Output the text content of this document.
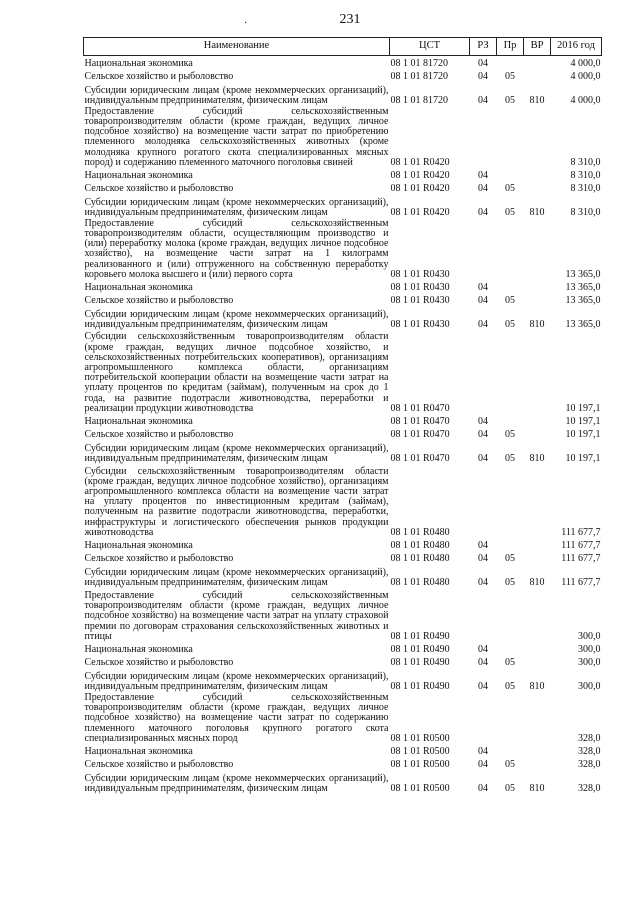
231
·
Наименование	ЦСТ	РЗ	Пр	ВР	2016 год
Национальная экономика	08 1 01 81720	04			4 000,0
Сельское хозяйство и рыболовство	08 1 01 81720	04	05		4 000,0
Субсидии юридическим лицам (кроме некоммерческих организаций), индивидуальным предпринимателям, физическим лицам	08 1 01 81720	04	05	810	4 000,0
Предоставление субсидий сельскохозяйственным товаропроизводителям области (кроме граждан, ведущих личное подсобное хозяйство) на возмещение части затрат по приобретению племенного молодняка сельскохозяйственных животных (кроме молодняка крупного рогатого скота специализированных мясных пород) и содержанию племенного маточного поголовья свиней	08 1 01 R0420				8 310,0
Национальная экономика	08 1 01 R0420	04			8 310,0
Сельское хозяйство и рыболовство	08 1 01 R0420	04	05		8 310,0
Субсидии юридическим лицам (кроме некоммерческих организаций), индивидуальным предпринимателям, физическим лицам	08 1 01 R0420	04	05	810	8 310,0
Предоставление субсидий сельскохозяйственным товаропроизводителям области, осуществляющим производство и (или) переработку молока (кроме граждан, ведущих личное подсобное хозяйство), на возмещение части затрат на 1 килограмм реализованного и (или) отгруженного на собственную переработку коровьего молока высшего и (или) первого сорта	08 1 01 R0430				13 365,0
Национальная экономика	08 1 01 R0430	04			13 365,0
Сельское хозяйство и рыболовство	08 1 01 R0430	04	05		13 365,0
Субсидии юридическим лицам (кроме некоммерческих организаций), индивидуальным предпринимателям, физическим лицам	08 1 01 R0430	04	05	810	13 365,0
Субсидии сельскохозяйственным товаропроизводителям области (кроме граждан, ведущих личное подсобное хозяйство, и сельскохозяйственных потребительских кооперативов), организациям агропромышленного комплекса области, организациям потребительской кооперации области на возмещение части затрат на уплату процентов по кредитам (займам), полученным на срок до 1 года, на развитие подотрасли животноводства, переработки и реализации продукции животноводства	08 1 01 R0470				10 197,1
Национальная экономика	08 1 01 R0470	04			10 197,1
Сельское хозяйство и рыболовство	08 1 01 R0470	04	05		10 197,1
Субсидии юридическим лицам (кроме некоммерческих организаций), индивидуальным предпринимателям, физическим лицам	08 1 01 R0470	04	05	810	10 197,1
Субсидии сельскохозяйственным товаропроизводителям области (кроме граждан, ведущих личное подсобное хозяйство), организациям агропромышленного комплекса области на возмещение части затрат на уплату процентов по инвестиционным кредитам (займам), полученным на развитие подотрасли животноводства, переработки, инфраструктуры и логистического обеспечения рынков продукции животноводства	08 1 01 R0480				111 677,7
Национальная экономика	08 1 01 R0480	04			111 677,7
Сельское хозяйство и рыболовство	08 1 01 R0480	04	05		111 677,7
Субсидии юридическим лицам (кроме некоммерческих организаций), индивидуальным предпринимателям, физическим лицам	08 1 01 R0480	04	05	810	111 677,7
Предоставление субсидий сельскохозяйственным товаропроизводителям области (кроме граждан, ведущих личное подсобное хозяйство) на возмещение части затрат на уплату страховой премии по договорам страхования сельскохозяйственных животных и птицы	08 1 01 R0490				300,0
Национальная экономика	08 1 01 R0490	04			300,0
Сельское хозяйство и рыболовство	08 1 01 R0490	04	05		300,0
Субсидии юридическим лицам (кроме некоммерческих организаций), индивидуальным предпринимателям, физическим лицам	08 1 01 R0490	04	05	810	300,0
Предоставление субсидий сельскохозяйственным товаропроизводителям области (кроме граждан, ведущих личное подсобное хозяйство) на возмещение части затрат по содержанию племенного маточного поголовья крупного рогатого скота специализированных мясных пород	08 1 01 R0500				328,0
Национальная экономика	08 1 01 R0500	04			328,0
Сельское хозяйство и рыболовство	08 1 01 R0500	04	05		328,0
Субсидии юридическим лицам (кроме некоммерческих организаций), индивидуальным предпринимателям, физическим лицам	08 1 01 R0500	04	05	810	328,0
